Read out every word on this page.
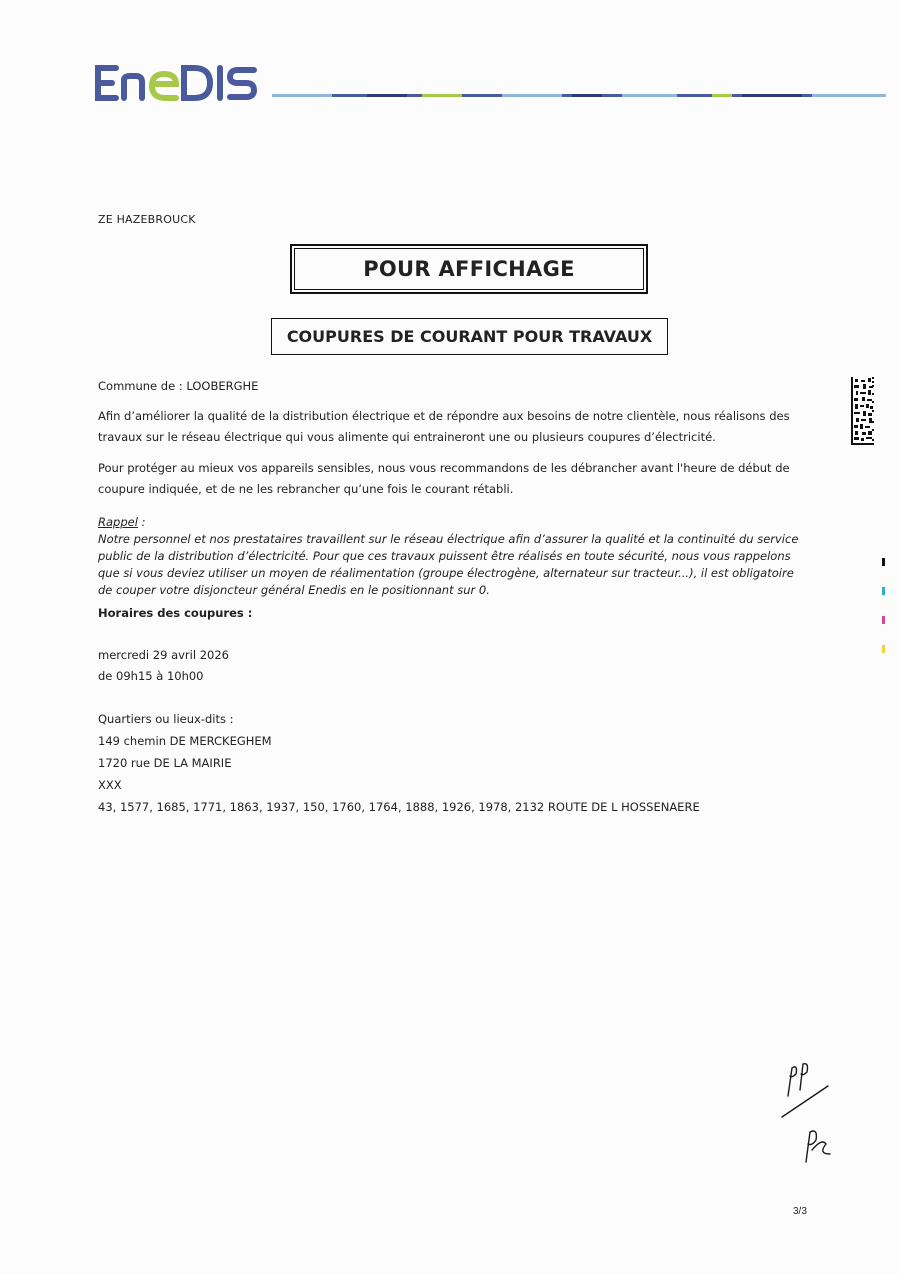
ZE HAZEBROUCK
POUR AFFICHAGE
COUPURES DE COURANT POUR TRAVAUX
Commune de : LOOBERGHE
Afin d’améliorer la qualité de la distribution électrique et de répondre aux besoins de notre clientèle, nous réalisons des travaux sur le réseau électrique qui vous alimente qui entraineront une ou plusieurs coupures d’électricité.
Pour protéger au mieux vos appareils sensibles, nous vous recommandons de les débrancher avant l'heure de début de coupure indiquée, et de ne les rebrancher qu’une fois le courant rétabli.
Rappel :
Notre personnel et nos prestataires travaillent sur le réseau électrique afin d’assurer la qualité et la continuité du service public de la distribution d’électricité. Pour que ces travaux puissent être réalisés en toute sécurité, nous vous rappelons que si vous deviez utiliser un moyen de réalimentation (groupe électrogène, alternateur sur tracteur...), il est obligatoire de couper votre disjoncteur général Enedis en le positionnant sur 0.
Horaires des coupures :
mercredi 29 avril 2026
de 09h15 à 10h00
Quartiers ou lieux-dits :
149 chemin DE MERCKEGHEM
1720 rue DE LA MAIRIE
XXX
43, 1577, 1685, 1771, 1863, 1937, 150, 1760, 1764, 1888, 1926, 1978, 2132 ROUTE DE L HOSSENAERE
3/3
